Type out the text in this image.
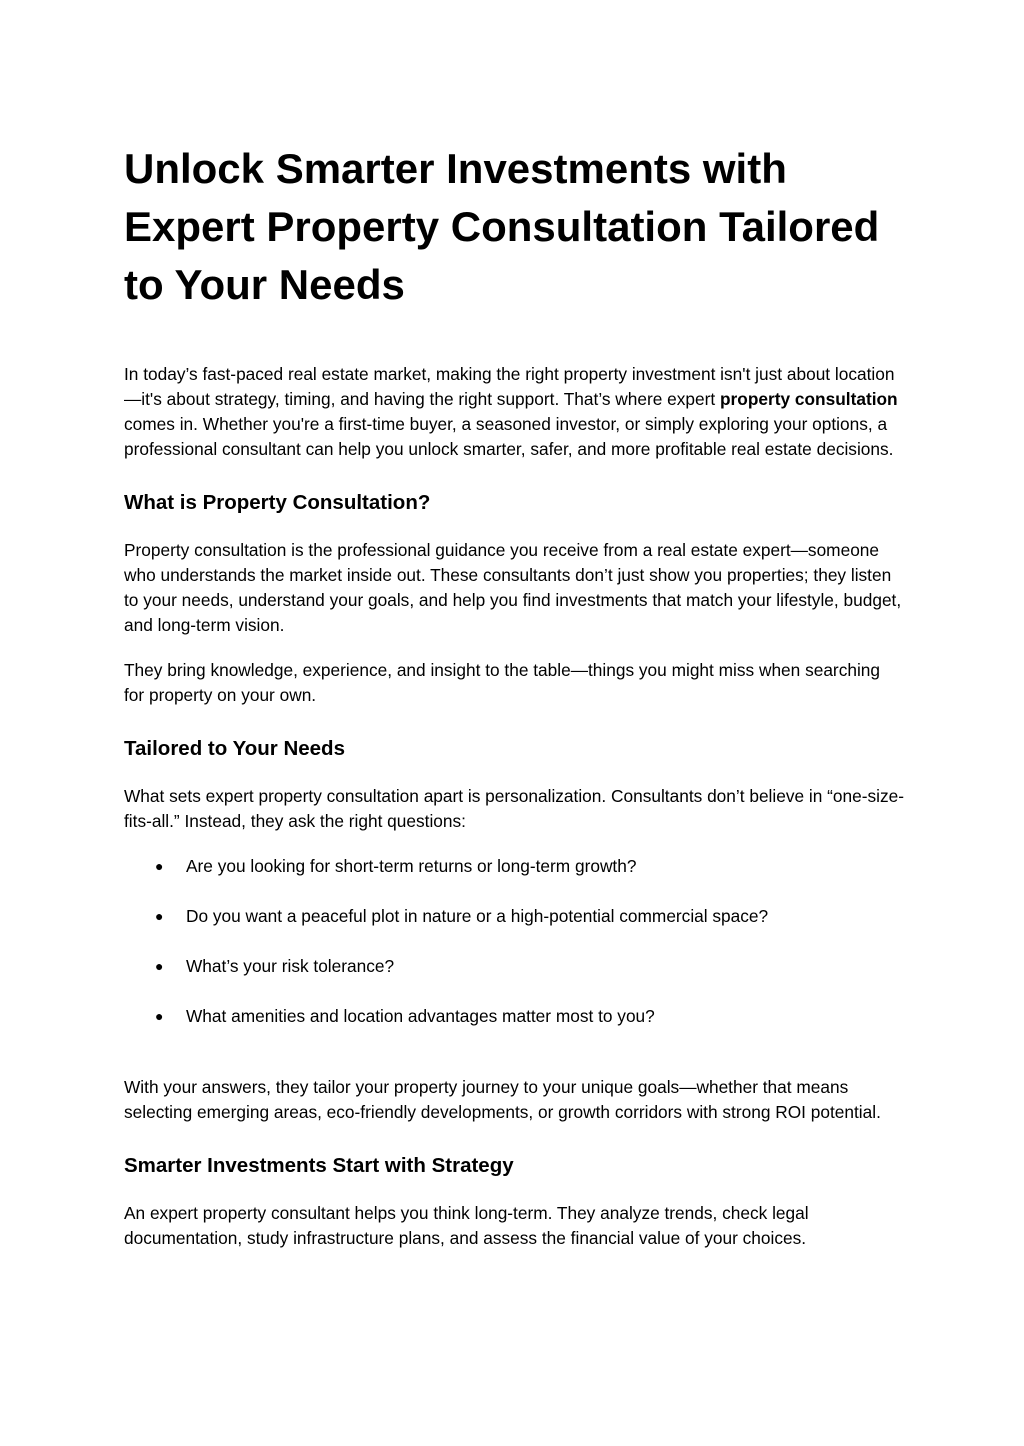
Unlock Smarter Investments with Expert Property Consultation Tailored to Your Needs

In today’s fast-paced real estate market, making the right property investment isn't just about location—it's about strategy, timing, and having the right support. That’s where expert property consultation comes in. Whether you're a first-time buyer, a seasoned investor, or simply exploring your options, a professional consultant can help you unlock smarter, safer, and more profitable real estate decisions.

What is Property Consultation?

Property consultation is the professional guidance you receive from a real estate expert—someone who understands the market inside out. These consultants don’t just show you properties; they listen to your needs, understand your goals, and help you find investments that match your lifestyle, budget, and long-term vision.

They bring knowledge, experience, and insight to the table—things you might miss when searching for property on your own.

Tailored to Your Needs

What sets expert property consultation apart is personalization. Consultants don’t believe in “one-size-fits-all.” Instead, they ask the right questions:

● Are you looking for short-term returns or long-term growth?
● Do you want a peaceful plot in nature or a high-potential commercial space?
● What’s your risk tolerance?
● What amenities and location advantages matter most to you?

With your answers, they tailor your property journey to your unique goals—whether that means selecting emerging areas, eco-friendly developments, or growth corridors with strong ROI potential.

Smarter Investments Start with Strategy

An expert property consultant helps you think long-term. They analyze trends, check legal documentation, study infrastructure plans, and assess the financial value of your choices.
